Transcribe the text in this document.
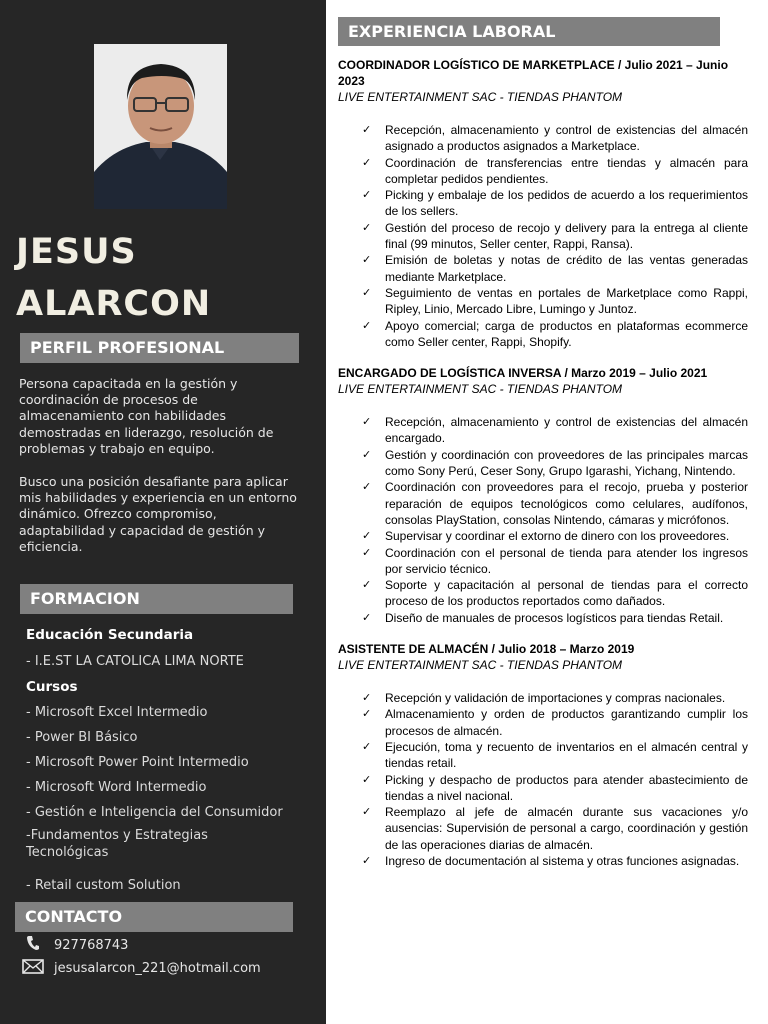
JESUS
ALARCON
PERFIL PROFESIONAL
Persona capacitada en la gestión y coordinación de procesos de almacenamiento con habilidades demostradas en liderazgo, resolución de problemas y trabajo en equipo.
Busco una posición desafiante para aplicar mis habilidades y experiencia en un entorno dinámico. Ofrezco compromiso, adaptabilidad y capacidad de gestión y eficiencia.
FORMACION
Educación Secundaria
- I.E.ST LA CATOLICA LIMA NORTE
Cursos
- Microsoft Excel Intermedio
- Power BI Básico
- Microsoft Power Point Intermedio
- Microsoft Word Intermedio
- Gestión e Inteligencia del Consumidor
-Fundamentos y Estrategias
Tecnológicas
- Retail custom Solution
CONTACTO
927768743
jesusalarcon_221@hotmail.com
EXPERIENCIA LABORAL
COORDINADOR LOGÍSTICO DE MARKETPLACE / Julio 2021 – Junio 2023
LIVE ENTERTAINMENT SAC - TIENDAS PHANTOM
✓ Recepción, almacenamiento y control de existencias del almacén asignado a productos asignados a Marketplace.
✓ Coordinación de transferencias entre tiendas y almacén para completar pedidos pendientes.
✓ Picking y embalaje de los pedidos de acuerdo a los requerimientos de los sellers.
✓ Gestión del proceso de recojo y delivery para la entrega al cliente final (99 minutos, Seller center, Rappi, Ransa).
✓ Emisión de boletas y notas de crédito de las ventas generadas mediante Marketplace.
✓ Seguimiento de ventas en portales de Marketplace como Rappi, Ripley, Linio, Mercado Libre, Lumingo y Juntoz.
✓ Apoyo comercial; carga de productos en plataformas ecommerce como Seller center, Rappi, Shopify.
ENCARGADO DE LOGÍSTICA INVERSA / Marzo 2019 – Julio 2021
LIVE ENTERTAINMENT SAC - TIENDAS PHANTOM
✓ Recepción, almacenamiento y control de existencias del almacén encargado.
✓ Gestión y coordinación con proveedores de las principales marcas como Sony Perú, Ceser Sony, Grupo Igarashi, Yichang, Nintendo.
✓ Coordinación con proveedores para el recojo, prueba y posterior reparación de equipos tecnológicos como celulares, audífonos, consolas PlayStation, consolas Nintendo, cámaras y micrófonos.
✓ Supervisar y coordinar el extorno de dinero con los proveedores.
✓ Coordinación con el personal de tienda para atender los ingresos por servicio técnico.
✓ Soporte y capacitación al personal de tiendas para el correcto proceso de los productos reportados como dañados.
✓ Diseño de manuales de procesos logísticos para tiendas Retail.
ASISTENTE DE ALMACÉN / Julio 2018 – Marzo 2019
LIVE ENTERTAINMENT SAC - TIENDAS PHANTOM
✓ Recepción y validación de importaciones y compras nacionales.
✓ Almacenamiento y orden de productos garantizando cumplir los procesos de almacén.
✓ Ejecución, toma y recuento de inventarios en el almacén central y tiendas retail.
✓ Picking y despacho de productos para atender abastecimiento de tiendas a nivel nacional.
✓ Reemplazo al jefe de almacén durante sus vacaciones y/o ausencias: Supervisión de personal a cargo, coordinación y gestión de las operaciones diarias de almacén.
✓ Ingreso de documentación al sistema y otras funciones asignadas.
